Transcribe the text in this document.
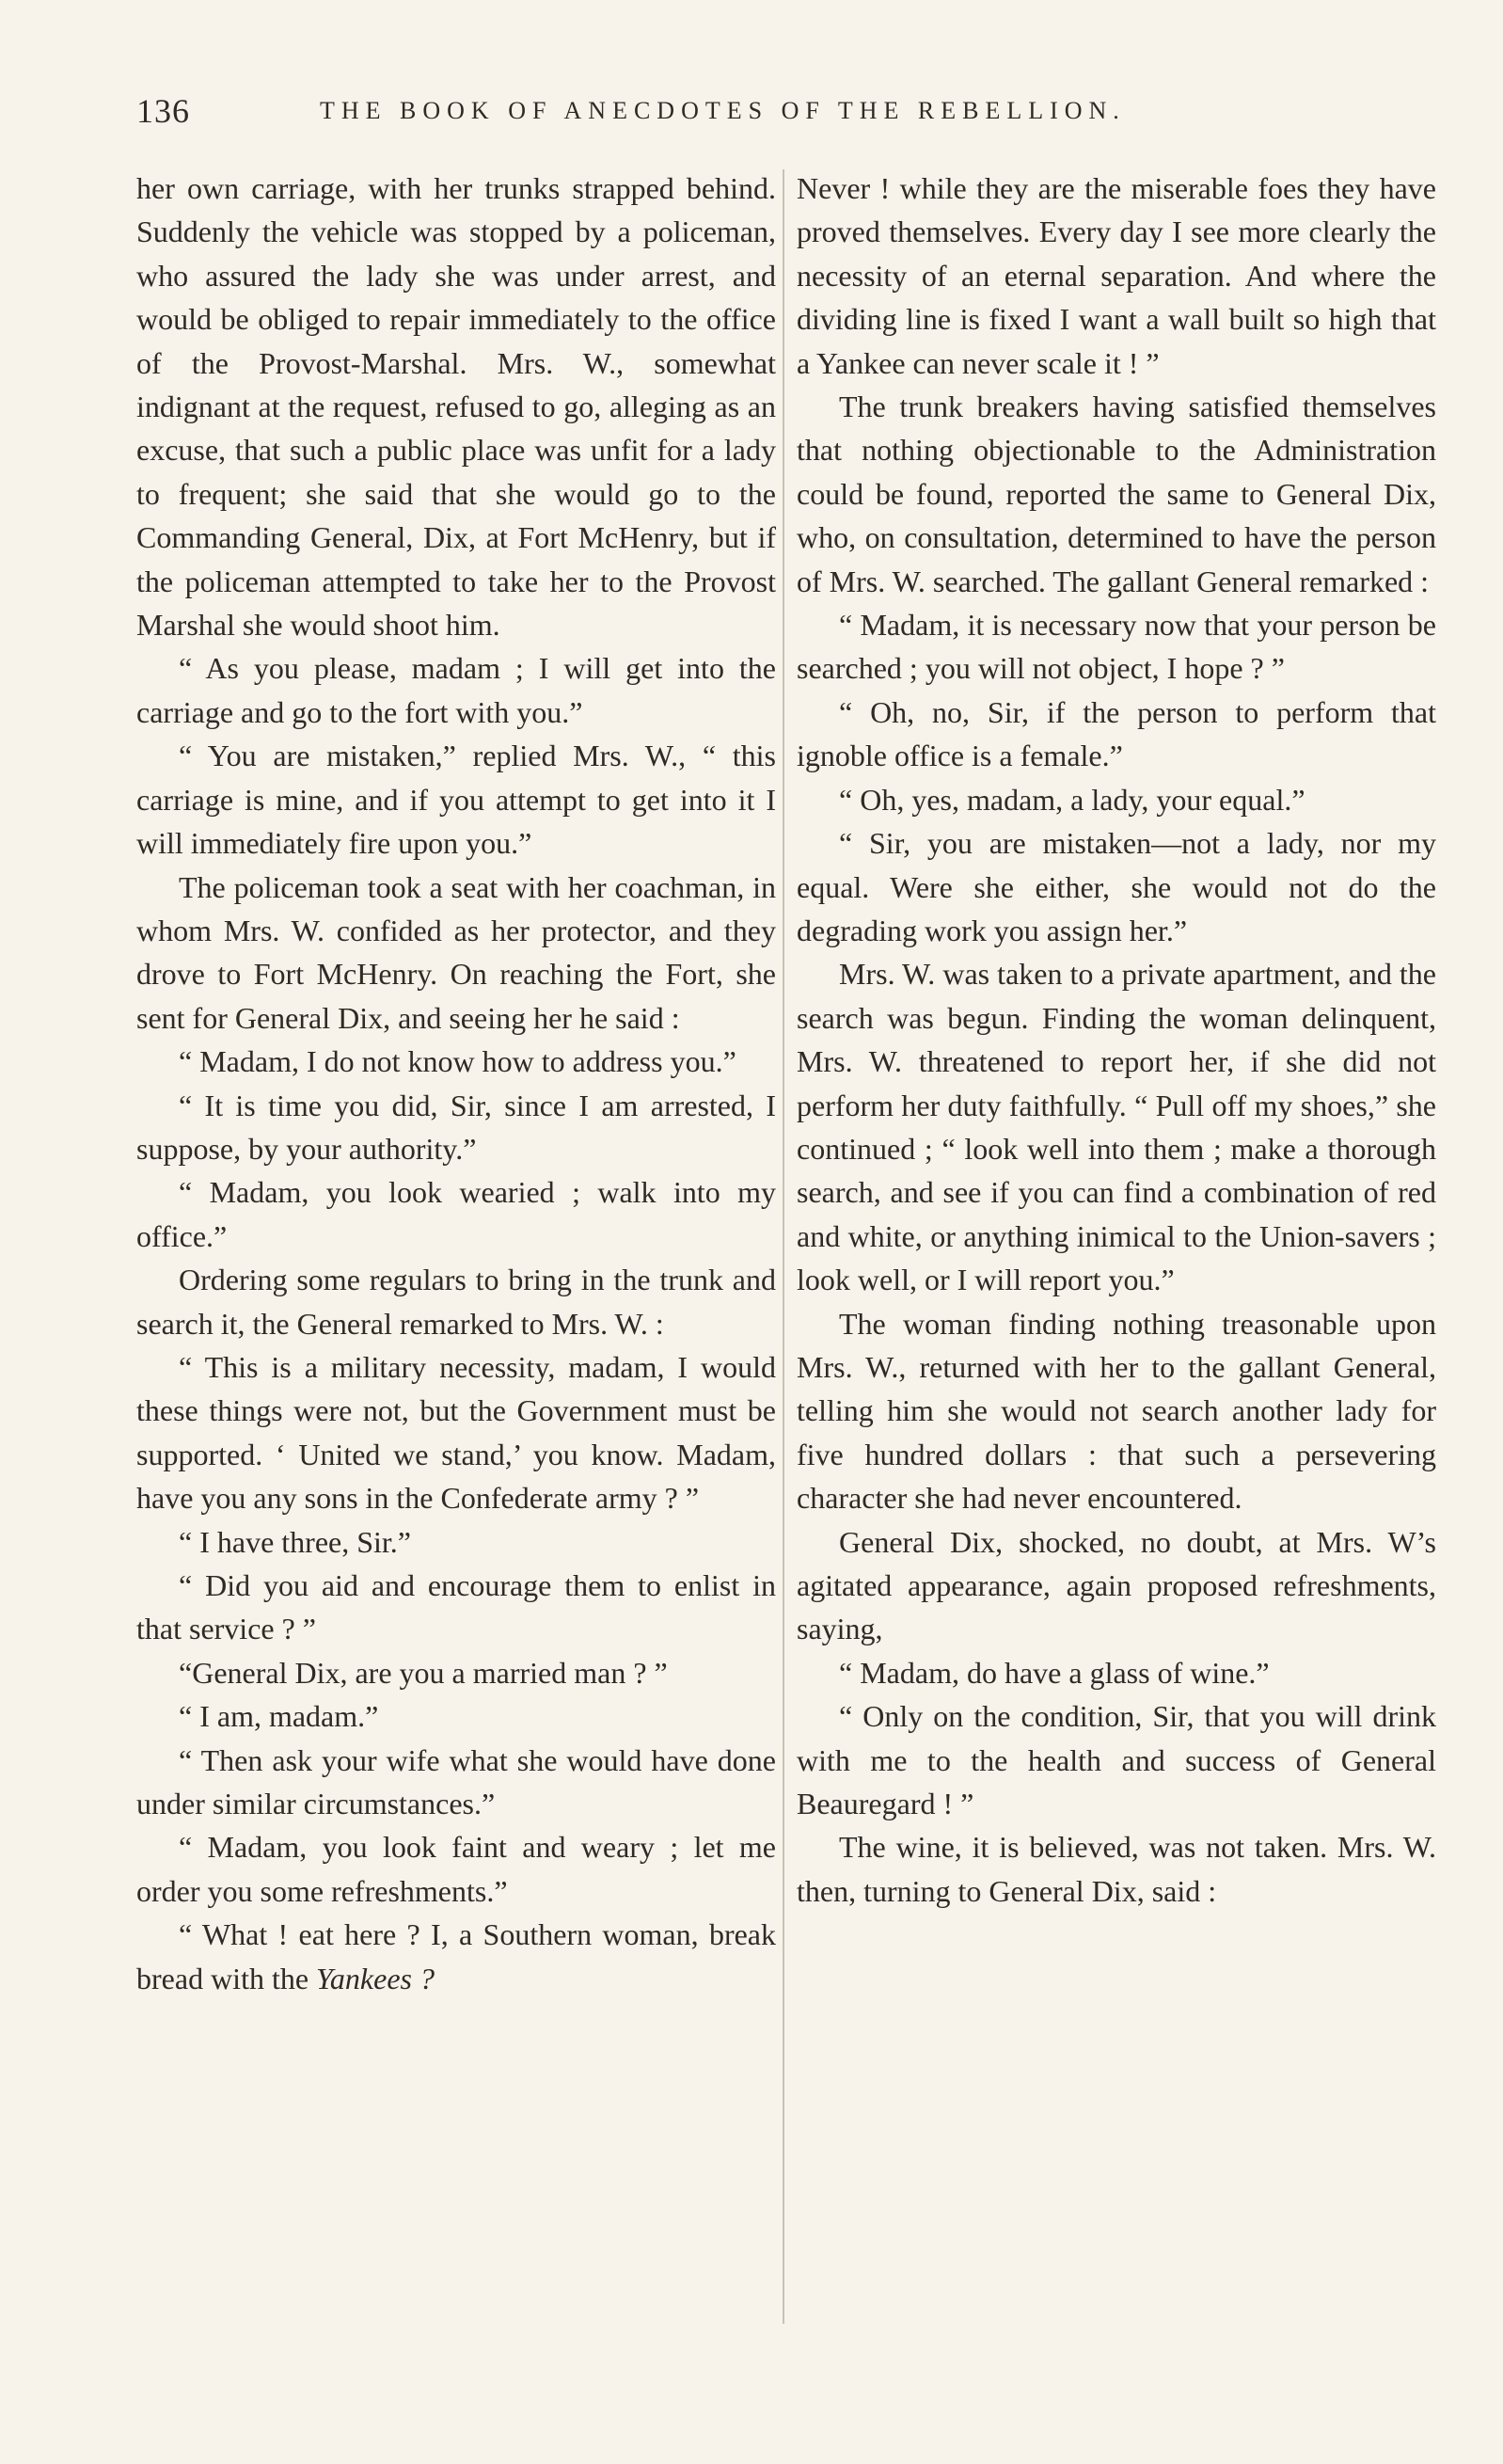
136	THE BOOK OF ANECDOTES OF THE REBELLION.

her own carriage, with her trunks strapped behind. Suddenly the vehicle was stopped by a policeman, who assured the lady she was under arrest, and would be obliged to repair immediately to the office of the Provost-Marshal. Mrs. W., somewhat indignant at the request, refused to go, alleging as an excuse, that such a public place was unfit for a lady to frequent; she said that she would go to the Commanding General, Dix, at Fort McHenry, but if the policeman attempted to take her to the Provost Marshal she would shoot him.

“ As you please, madam ; I will get into the carriage and go to the fort with you.”

“ You are mistaken,” replied Mrs. W., “ this carriage is mine, and if you attempt to get into it I will immediately fire upon you.”

The policeman took a seat with her coachman, in whom Mrs. W. confided as her protector, and they drove to Fort McHenry. On reaching the Fort, she sent for General Dix, and seeing her he said :

“ Madam, I do not know how to address you.”

“ It is time you did, Sir, since I am arrested, I suppose, by your authority.”

“ Madam, you look wearied ; walk into my office.”

Ordering some regulars to bring in the trunk and search it, the General remarked to Mrs. W. :

“ This is a military necessity, madam, I would these things were not, but the Government must be supported. ‘ United we stand,’ you know. Madam, have you any sons in the Confederate army ? ”

“ I have three, Sir.”

“ Did you aid and encourage them to enlist in that service ? ”

“General Dix, are you a married man ? ”

“ I am, madam.”

“ Then ask your wife what she would have done under similar circumstances.”

“ Madam, you look faint and weary ; let me order you some refreshments.”

“ What ! eat here ? I, a Southern woman, break bread with the Yankees ?

Never ! while they are the miserable foes they have proved themselves. Every day I see more clearly the necessity of an eternal separation. And where the dividing line is fixed I want a wall built so high that a Yankee can never scale it ! ”

The trunk breakers having satisfied themselves that nothing objectionable to the Administration could be found, reported the same to General Dix, who, on consultation, determined to have the person of Mrs. W. searched. The gallant General remarked :

“ Madam, it is necessary now that your person be searched ; you will not object, I hope ? ”

“ Oh, no, Sir, if the person to perform that ignoble office is a female.”

“ Oh, yes, madam, a lady, your equal.”

“ Sir, you are mistaken—not a lady, nor my equal. Were she either, she would not do the degrading work you assign her.”

Mrs. W. was taken to a private apartment, and the search was begun. Finding the woman delinquent, Mrs. W. threatened to report her, if she did not perform her duty faithfully. “ Pull off my shoes,” she continued ; “ look well into them ; make a thorough search, and see if you can find a combination of red and white, or anything inimical to the Union-savers ; look well, or I will report you.”

The woman finding nothing treasonable upon Mrs. W., returned with her to the gallant General, telling him she would not search another lady for five hundred dollars : that such a persevering character she had never encountered.

General Dix, shocked, no doubt, at Mrs. W’s agitated appearance, again proposed refreshments, saying,

“ Madam, do have a glass of wine.”

“ Only on the condition, Sir, that you will drink with me to the health and success of General Beauregard ! ”

The wine, it is believed, was not taken. Mrs. W. then, turning to General Dix, said :
